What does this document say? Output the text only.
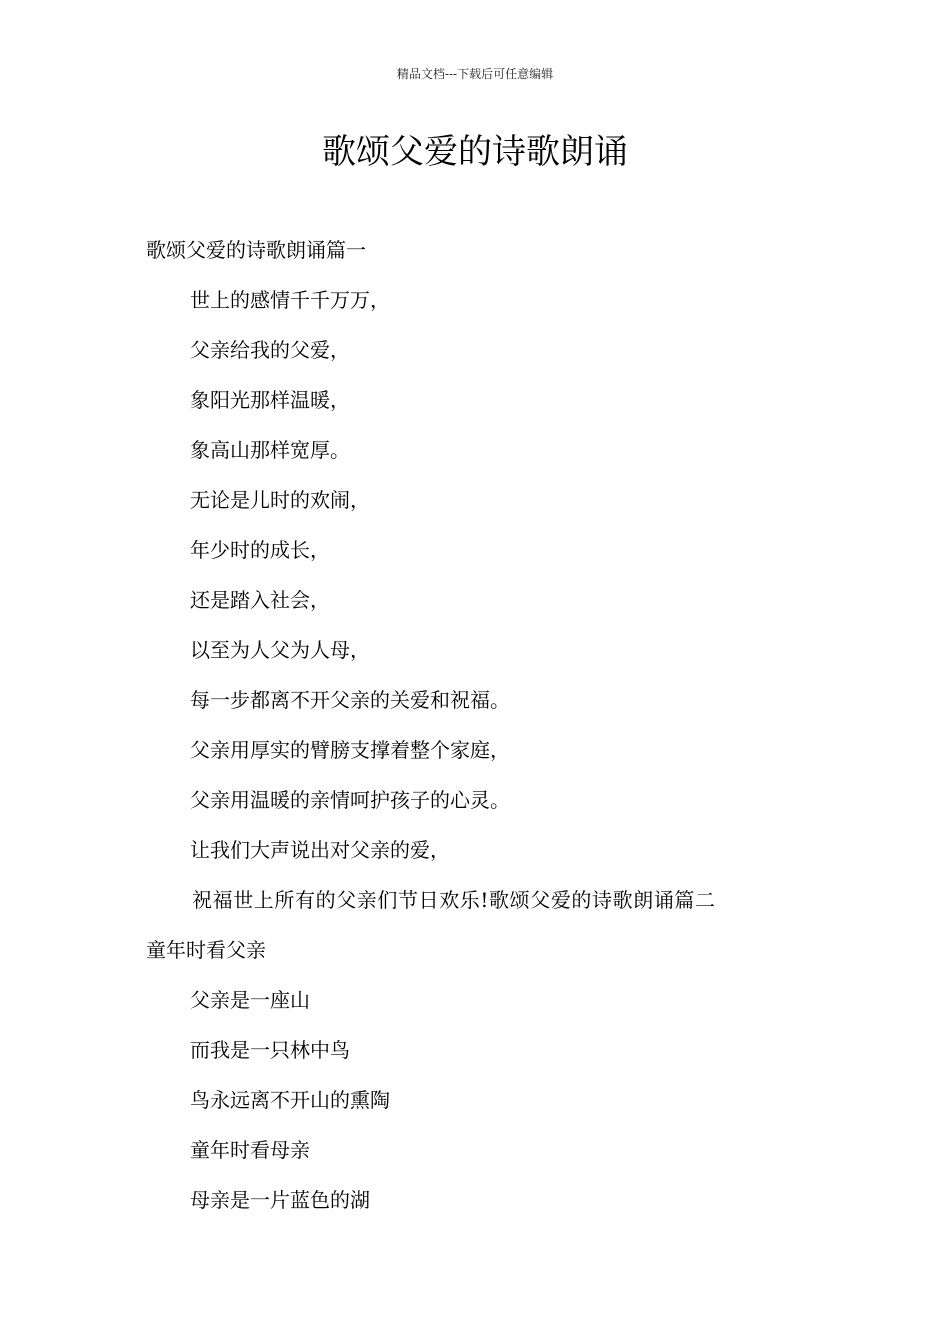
精品文档---下载后可任意编辑
歌颂父爱的诗歌朗诵
歌颂父爱的诗歌朗诵篇一
世上的感情千千万万，
父亲给我的父爱，
象阳光那样温暖，
象高山那样宽厚。
无论是儿时的欢闹，
年少时的成长，
还是踏入社会，
以至为人父为人母，
每一步都离不开父亲的关爱和祝福。
父亲用厚实的臂膀支撑着整个家庭，
父亲用温暖的亲情呵护孩子的心灵。
让我们大声说出对父亲的爱，
祝福世上所有的父亲们节日欢乐!歌颂父爱的诗歌朗诵篇二
童年时看父亲
父亲是一座山
而我是一只林中鸟
鸟永远离不开山的熏陶
童年时看母亲
母亲是一片蓝色的湖
